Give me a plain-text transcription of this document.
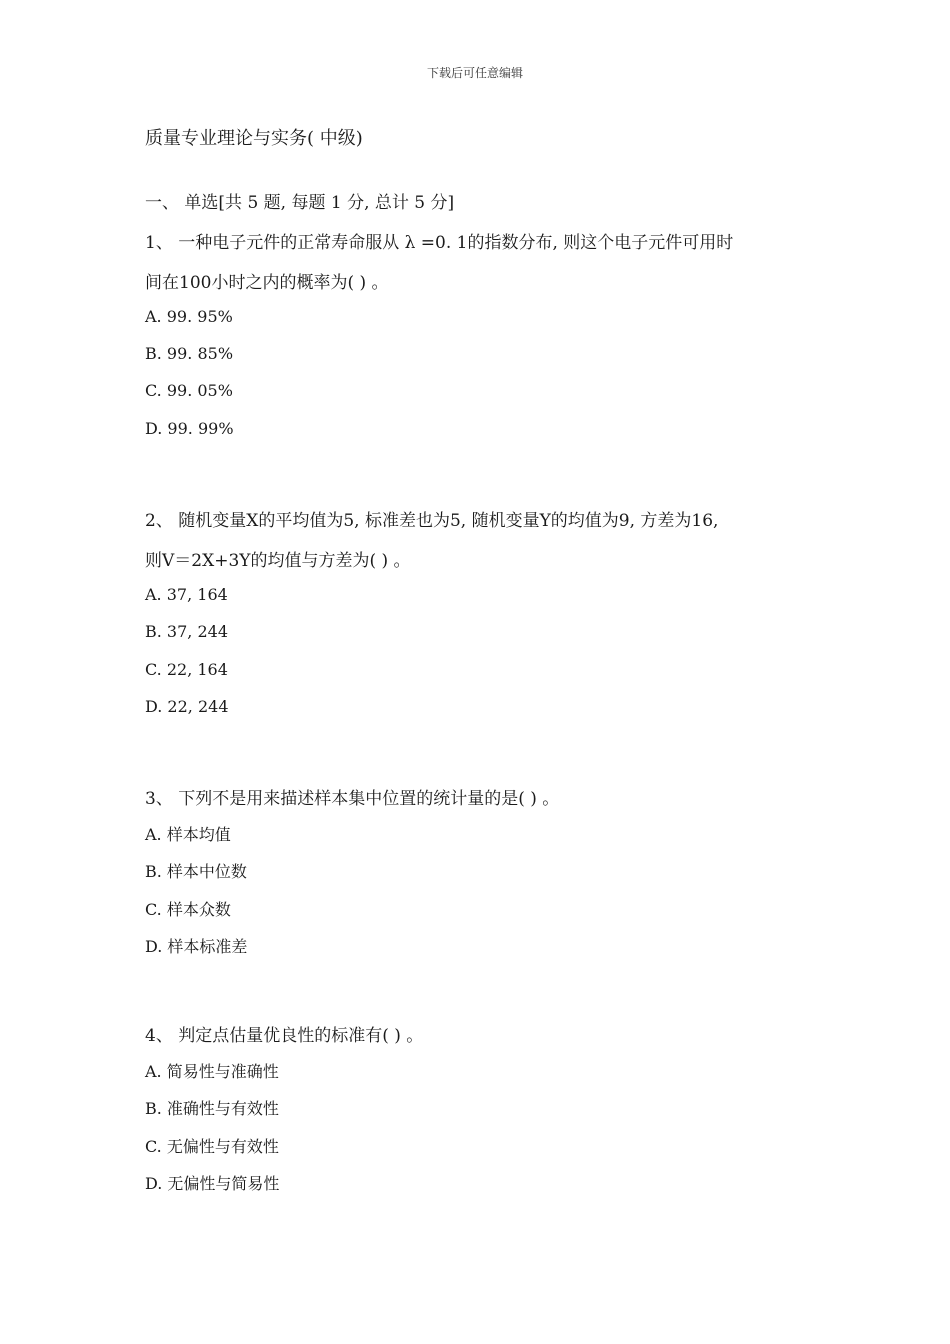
下载后可任意编辑
质量专业理论与实务( 中级)
一、 单选[共 5 题, 每题 1 分, 总计 5 分]
1、 一种电子元件的正常寿命服从 λ =0. 1的指数分布, 则这个电子元件可用时
间在100小时之内的概率为( ) 。
A. 99. 95%
B. 99. 85%
C. 99. 05%
D. 99. 99%
2、 随机变量X的平均值为5, 标准差也为5, 随机变量Y的均值为9, 方差为16,
则V＝2X+3Y的均值与方差为( ) 。
A. 37, 164
B. 37, 244
C. 22, 164
D. 22, 244
3、 下列不是用来描述样本集中位置的统计量的是( ) 。
A. 样本均值
B. 样本中位数
C. 样本众数
D. 样本标准差
4、 判定点估量优良性的标准有( ) 。
A. 简易性与准确性
B. 准确性与有效性
C. 无偏性与有效性
D. 无偏性与简易性
